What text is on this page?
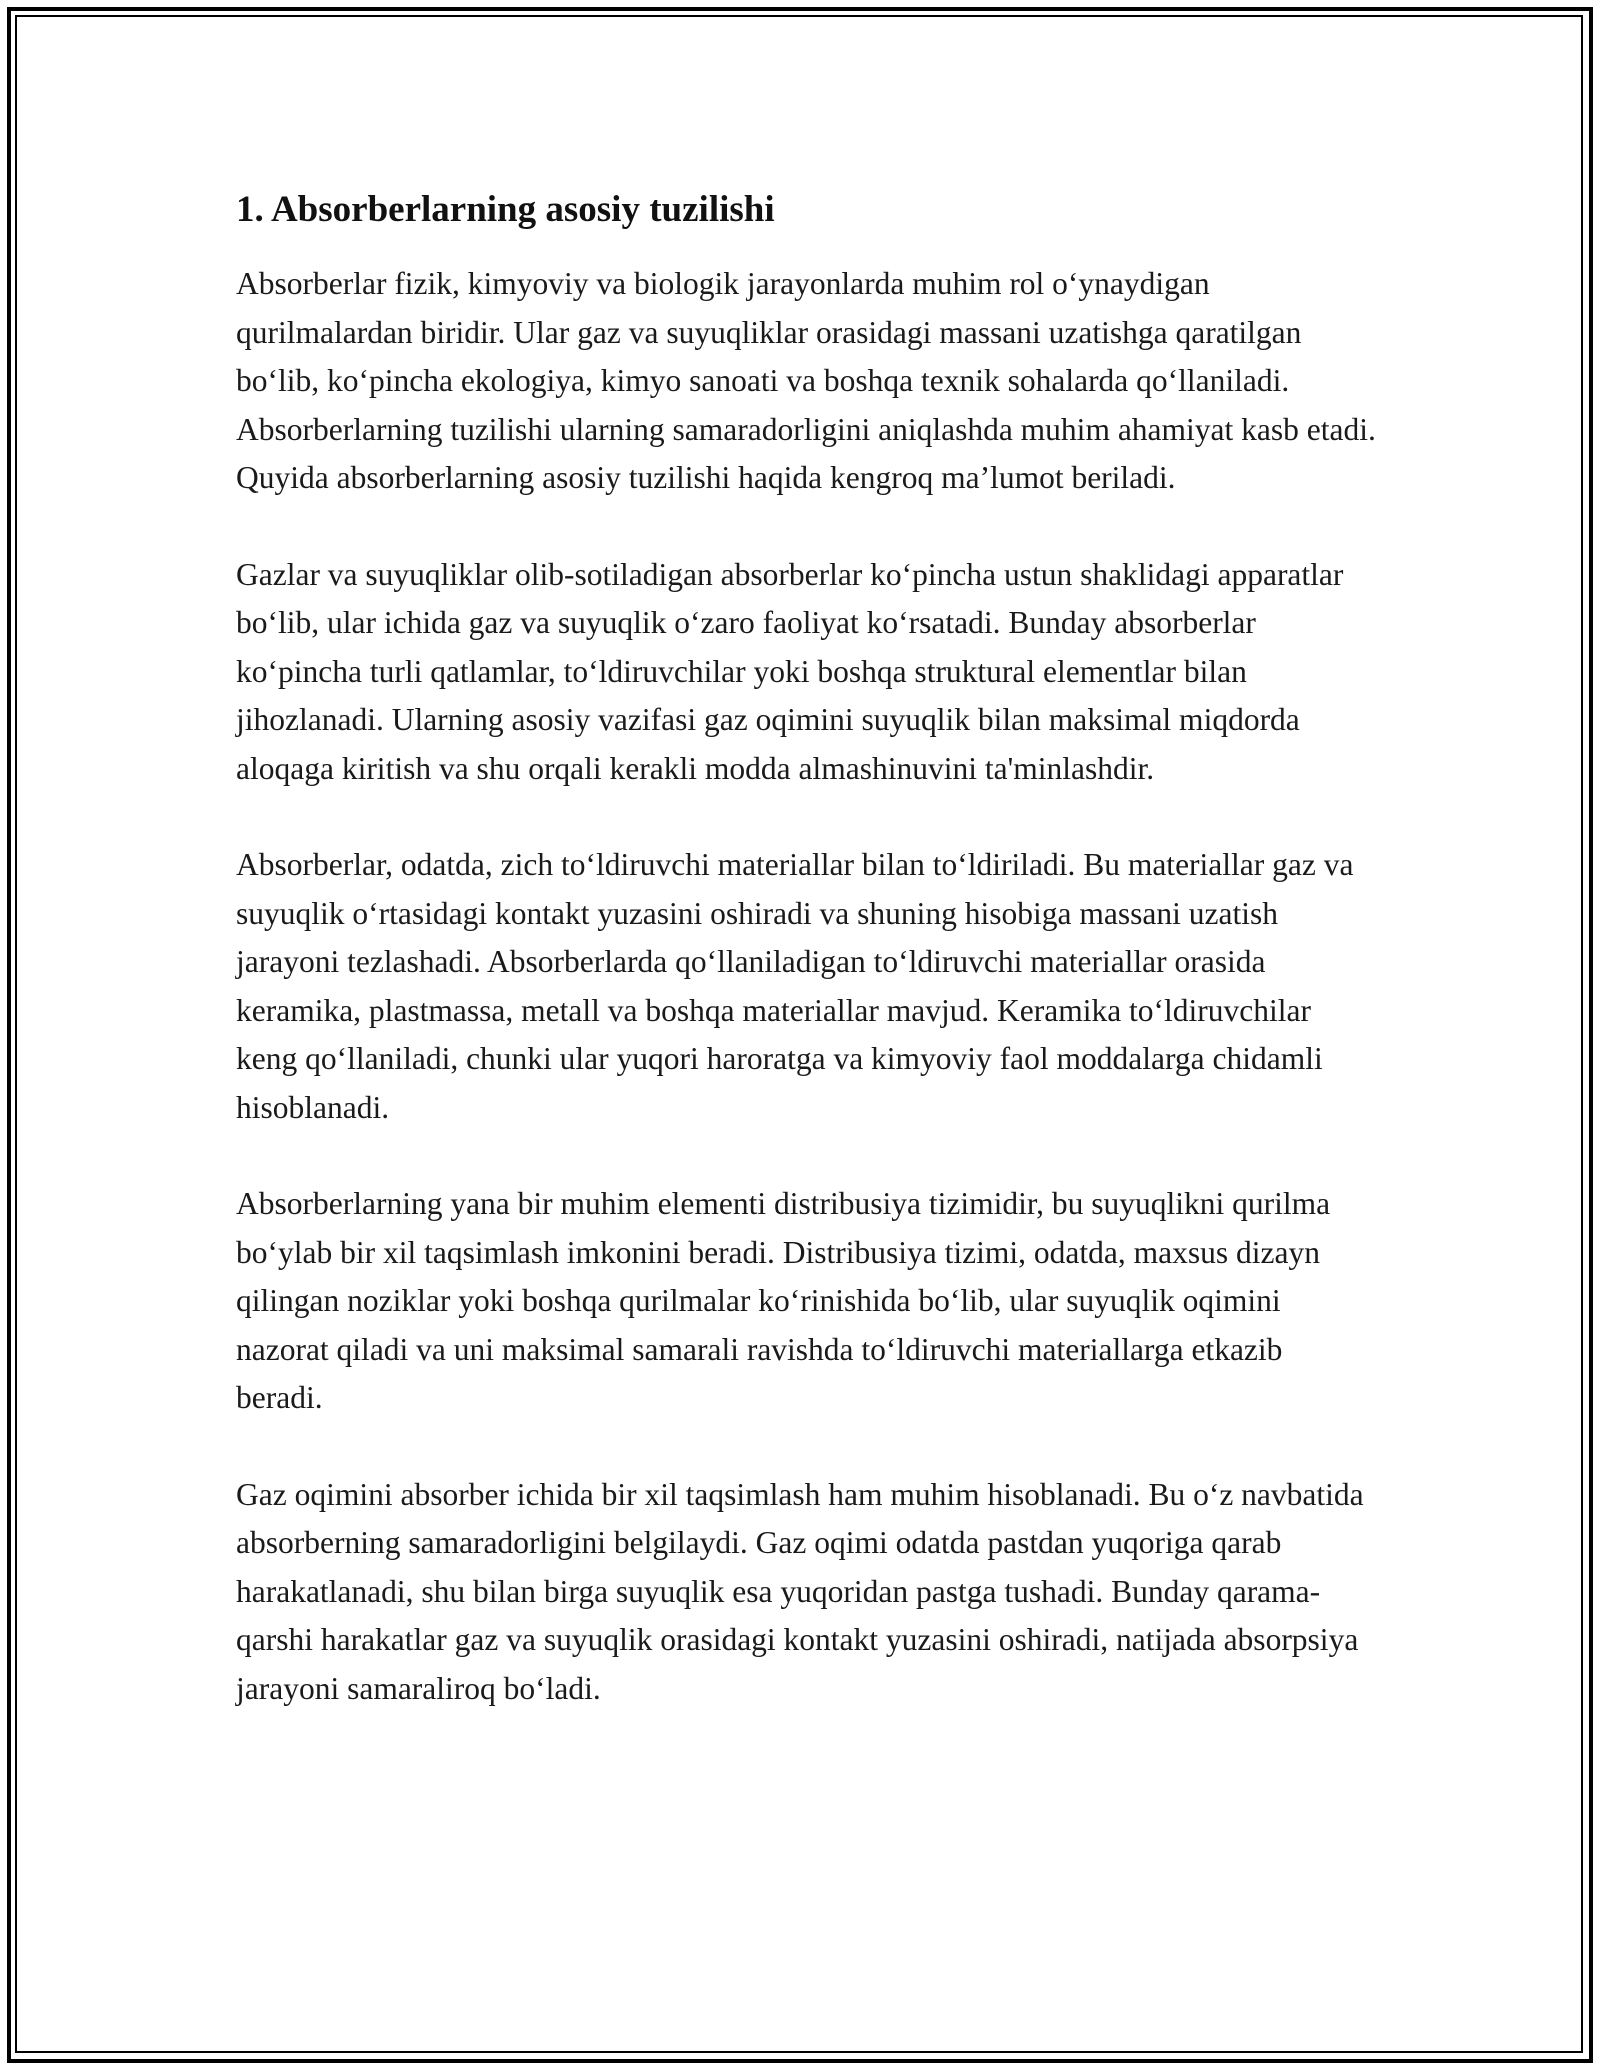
1. Absorberlarning asosiy tuzilishi

Absorberlar fizik, kimyoviy va biologik jarayonlarda muhim rol o‘ynaydigan qurilmalardan biridir. Ular gaz va suyuqliklar orasidagi massani uzatishga qaratilgan bo‘lib, ko‘pincha ekologiya, kimyo sanoati va boshqa texnik sohalarda qo‘llaniladi. Absorberlarning tuzilishi ularning samaradorligini aniqlashda muhim ahamiyat kasb etadi. Quyida absorberlarning asosiy tuzilishi haqida kengroq ma’lumot beriladi.

Gazlar va suyuqliklar olib-sotiladigan absorberlar ko‘pincha ustun shaklidagi apparatlar bo‘lib, ular ichida gaz va suyuqlik o‘zaro faoliyat ko‘rsatadi. Bunday absorberlar ko‘pincha turli qatlamlar, to‘ldiruvchilar yoki boshqa struktural elementlar bilan jihozlanadi. Ularning asosiy vazifasi gaz oqimini suyuqlik bilan maksimal miqdorda aloqaga kiritish va shu orqali kerakli modda almashinuvini ta'minlashdir.

Absorberlar, odatda, zich to‘ldiruvchi materiallar bilan to‘ldiriladi. Bu materiallar gaz va suyuqlik o‘rtasidagi kontakt yuzasini oshiradi va shuning hisobiga massani uzatish jarayoni tezlashadi. Absorberlarda qo‘llaniladigan to‘ldiruvchi materiallar orasida keramika, plastmassa, metall va boshqa materiallar mavjud. Keramika to‘ldiruvchilar keng qo‘llaniladi, chunki ular yuqori haroratga va kimyoviy faol moddalarga chidamli hisoblanadi.

Absorberlarning yana bir muhim elementi distribusiya tizimidir, bu suyuqlikni qurilma bo‘ylab bir xil taqsimlash imkonini beradi. Distribusiya tizimi, odatda, maxsus dizayn qilingan noziklar yoki boshqa qurilmalar ko‘rinishida bo‘lib, ular suyuqlik oqimini nazorat qiladi va uni maksimal samarali ravishda to‘ldiruvchi materiallarga etkazib beradi.

Gaz oqimini absorber ichida bir xil taqsimlash ham muhim hisoblanadi. Bu o‘z navbatida absorberning samaradorligini belgilaydi. Gaz oqimi odatda pastdan yuqoriga qarab harakatlanadi, shu bilan birga suyuqlik esa yuqoridan pastga tushadi. Bunday qarama-qarshi harakatlar gaz va suyuqlik orasidagi kontakt yuzasini oshiradi, natijada absorpsiya jarayoni samaraliroq bo‘ladi.
